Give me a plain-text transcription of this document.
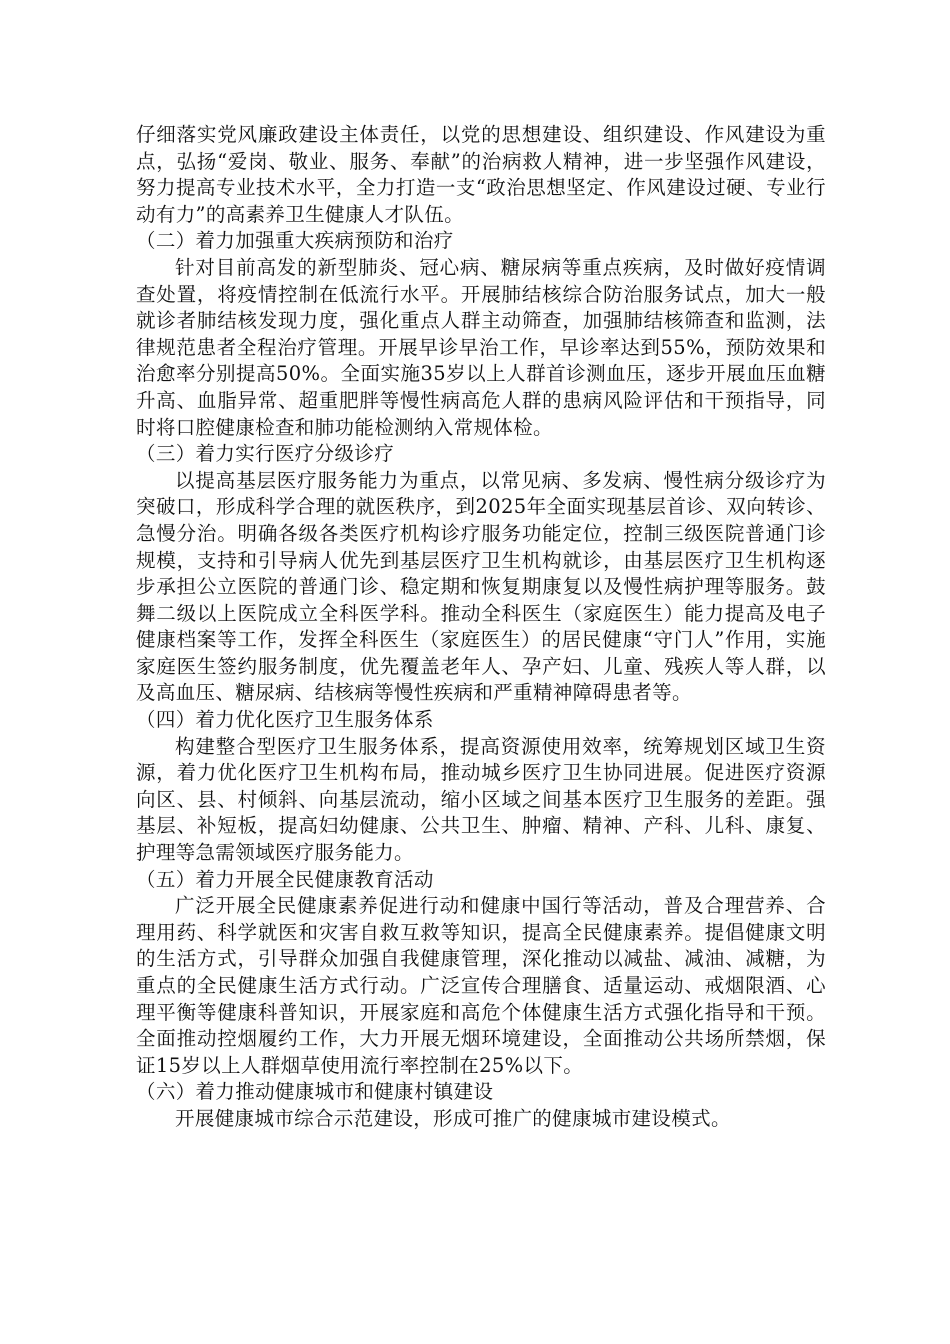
仔细落实党风廉政建设主体责任，以党的思想建设、组织建设、作风建设为重点，弘扬“爱岗、敬业、服务、奉献”的治病救人精神，进一步坚强作风建设，努力提高专业技术水平，全力打造一支“政治思想坚定、作风建设过硬、专业行动有力”的高素养卫生健康人才队伍。

（二）着力加强重大疾病预防和治疗

针对目前高发的新型肺炎、冠心病、糖尿病等重点疾病，及时做好疫情调查处置，将疫情控制在低流行水平。开展肺结核综合防治服务试点，加大一般就诊者肺结核发现力度，强化重点人群主动筛查，加强肺结核筛查和监测，法律规范患者全程治疗管理。开展早诊早治工作，早诊率达到55%，预防效果和治愈率分别提高50%。全面实施35岁以上人群首诊测血压，逐步开展血压血糖升高、血脂异常、超重肥胖等慢性病高危人群的患病风险评估和干预指导，同时将口腔健康检查和肺功能检测纳入常规体检。

（三）着力实行医疗分级诊疗

以提高基层医疗服务能力为重点，以常见病、多发病、慢性病分级诊疗为突破口，形成科学合理的就医秩序，到2025年全面实现基层首诊、双向转诊、急慢分治。明确各级各类医疗机构诊疗服务功能定位，控制三级医院普通门诊规模，支持和引导病人优先到基层医疗卫生机构就诊，由基层医疗卫生机构逐步承担公立医院的普通门诊、稳定期和恢复期康复以及慢性病护理等服务。鼓舞二级以上医院成立全科医学科。推动全科医生（家庭医生）能力提高及电子健康档案等工作，发挥全科医生（家庭医生）的居民健康“守门人”作用，实施家庭医生签约服务制度，优先覆盖老年人、孕产妇、儿童、残疾人等人群，以及高血压、糖尿病、结核病等慢性疾病和严重精神障碍患者等。

（四）着力优化医疗卫生服务体系

构建整合型医疗卫生服务体系，提高资源使用效率，统筹规划区域卫生资源，着力优化医疗卫生机构布局，推动城乡医疗卫生协同进展。促进医疗资源向区、县、村倾斜、向基层流动，缩小区域之间基本医疗卫生服务的差距。强基层、补短板，提高妇幼健康、公共卫生、肿瘤、精神、产科、儿科、康复、护理等急需领域医疗服务能力。

（五）着力开展全民健康教育活动

广泛开展全民健康素养促进行动和健康中国行等活动，普及合理营养、合理用药、科学就医和灾害自救互救等知识，提高全民健康素养。提倡健康文明的生活方式，引导群众加强自我健康管理，深化推动以减盐、减油、减糖，为重点的全民健康生活方式行动。广泛宣传合理膳食、适量运动、戒烟限酒、心理平衡等健康科普知识，开展家庭和高危个体健康生活方式强化指导和干预。全面推动控烟履约工作，大力开展无烟环境建设，全面推动公共场所禁烟，保证15岁以上人群烟草使用流行率控制在25%以下。

（六）着力推动健康城市和健康村镇建设

开展健康城市综合示范建设，形成可推广的健康城市建设模式。
